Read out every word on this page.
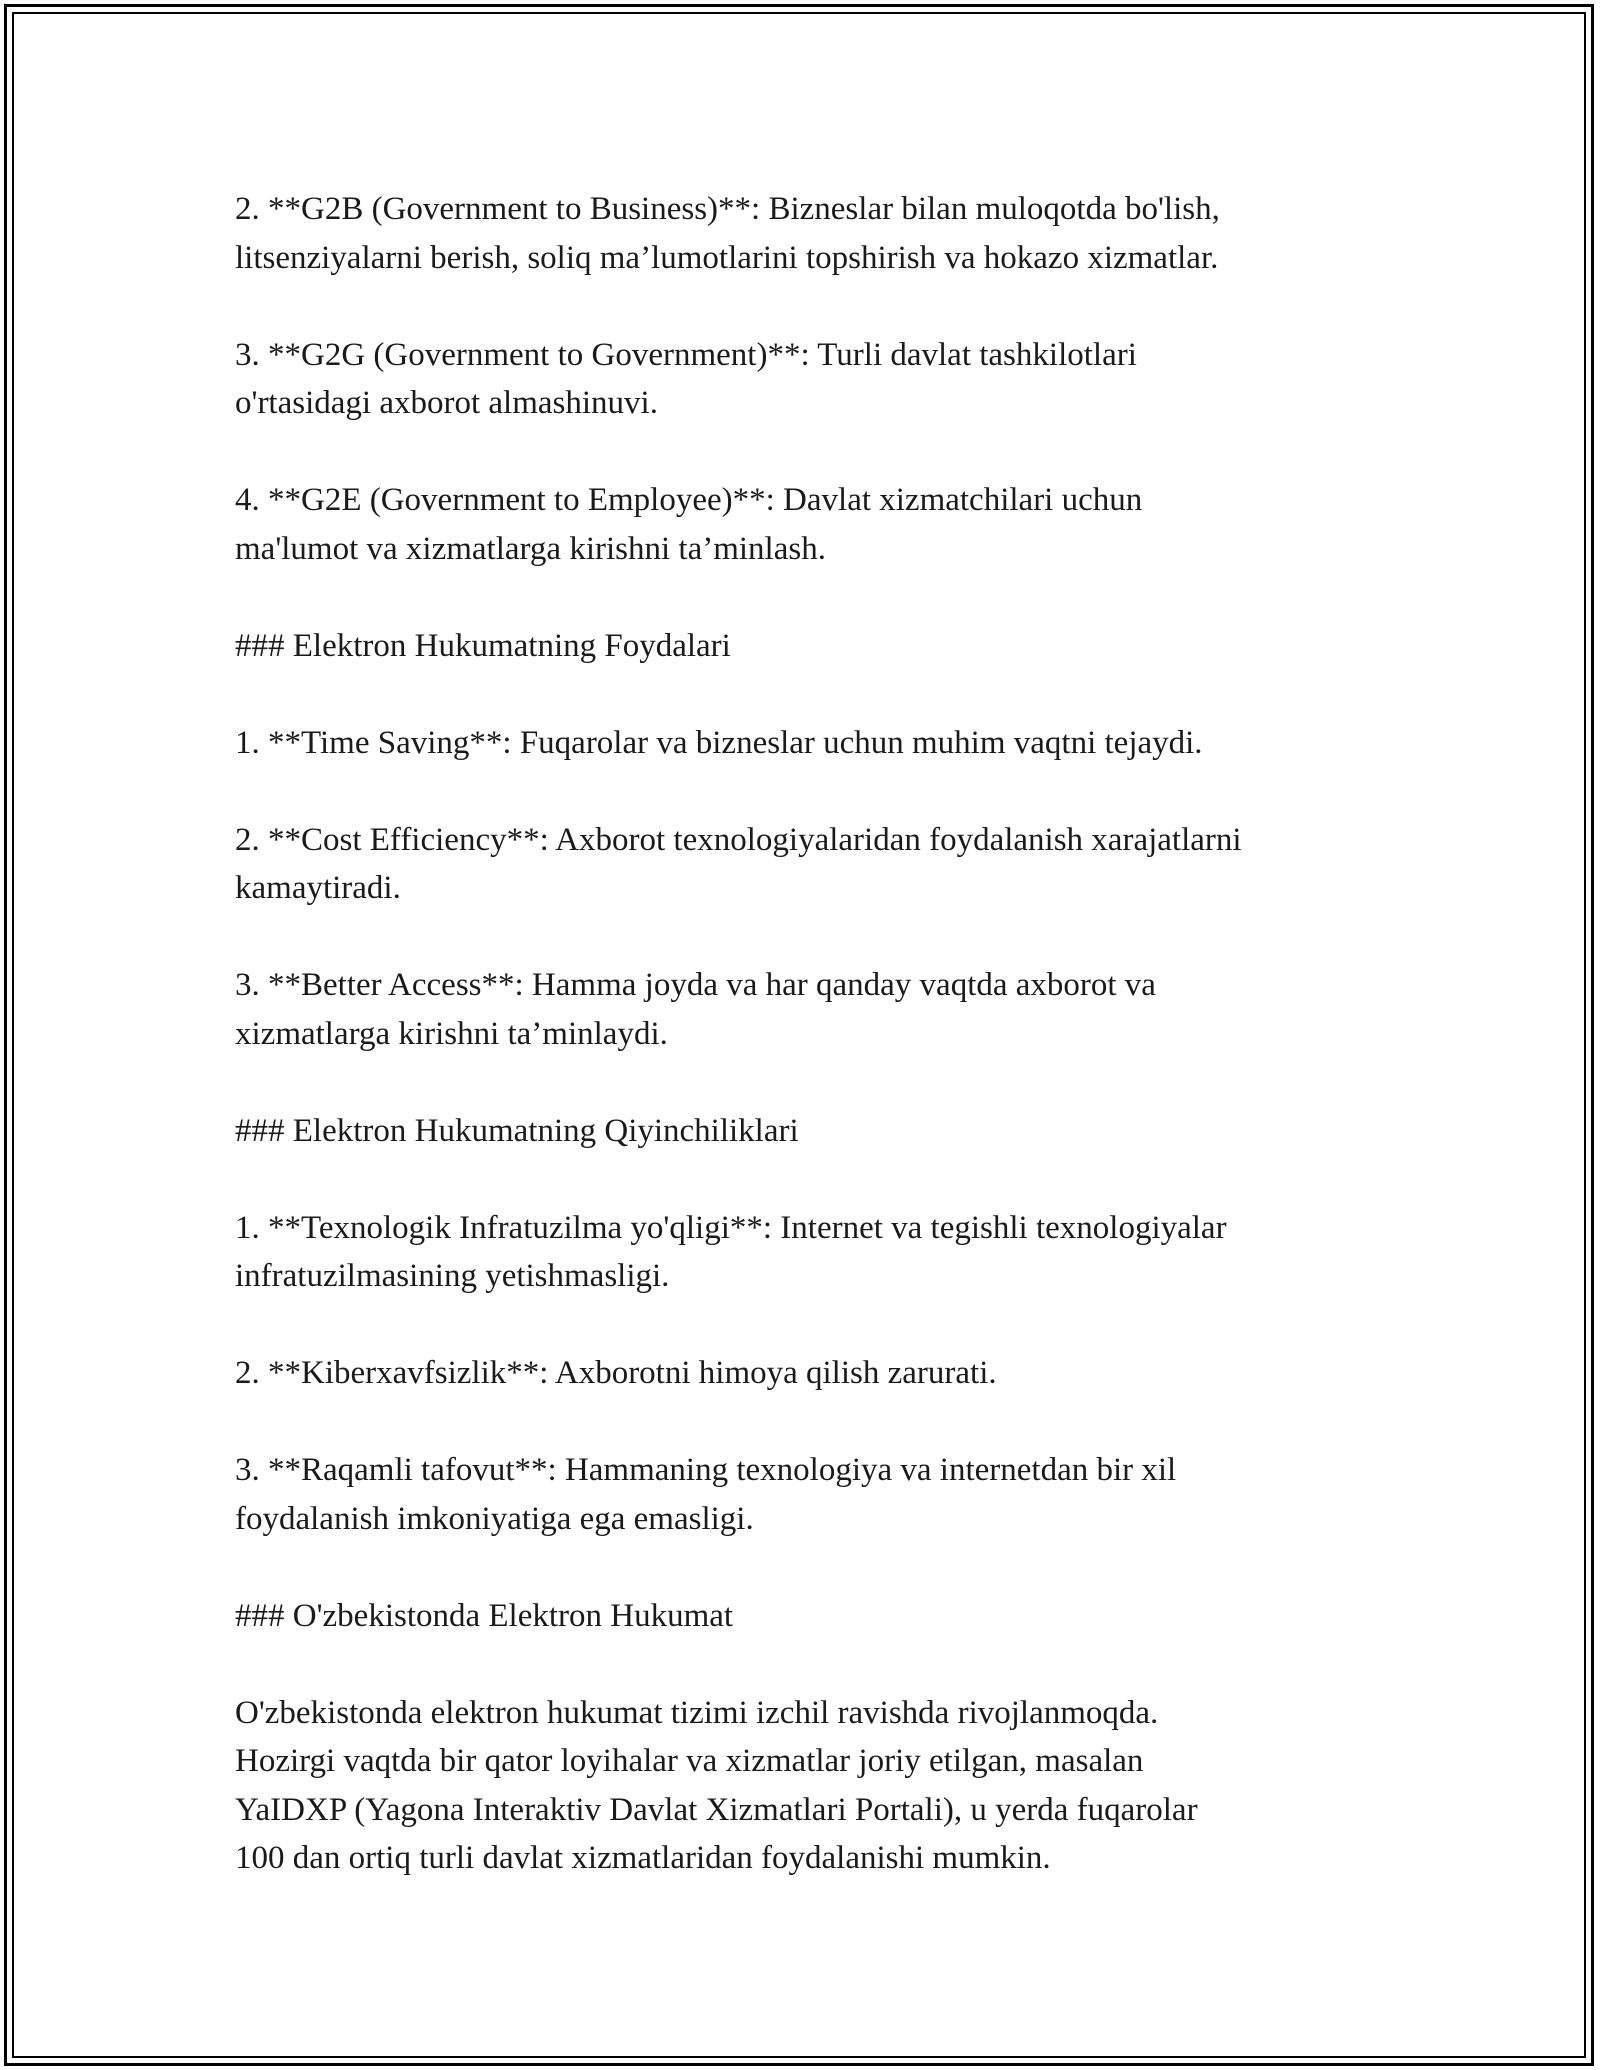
2. **G2B (Government to Business)**: Bizneslar bilan muloqotda bo'lish,
litsenziyalarni berish, soliq ma’lumotlarini topshirish va hokazo xizmatlar.

3. **G2G (Government to Government)**: Turli davlat tashkilotlari
o'rtasidagi axborot almashinuvi.

4. **G2E (Government to Employee)**: Davlat xizmatchilari uchun
ma'lumot va xizmatlarga kirishni ta’minlash.

### Elektron Hukumatning Foydalari

1. **Time Saving**: Fuqarolar va bizneslar uchun muhim vaqtni tejaydi.

2. **Cost Efficiency**: Axborot texnologiyalaridan foydalanish xarajatlarni
kamaytiradi.

3. **Better Access**: Hamma joyda va har qanday vaqtda axborot va
xizmatlarga kirishni ta’minlaydi.

### Elektron Hukumatning Qiyinchiliklari

1. **Texnologik Infratuzilma yo'qligi**: Internet va tegishli texnologiyalar
infratuzilmasining yetishmasligi.

2. **Kiberxavfsizlik**: Axborotni himoya qilish zarurati.

3. **Raqamli tafovut**: Hammaning texnologiya va internetdan bir xil
foydalanish imkoniyatiga ega emasligi.

### O'zbekistonda Elektron Hukumat

O'zbekistonda elektron hukumat tizimi izchil ravishda rivojlanmoqda.
Hozirgi vaqtda bir qator loyihalar va xizmatlar joriy etilgan, masalan
YaIDXP (Yagona Interaktiv Davlat Xizmatlari Portali), u yerda fuqarolar
100 dan ortiq turli davlat xizmatlaridan foydalanishi mumkin.
